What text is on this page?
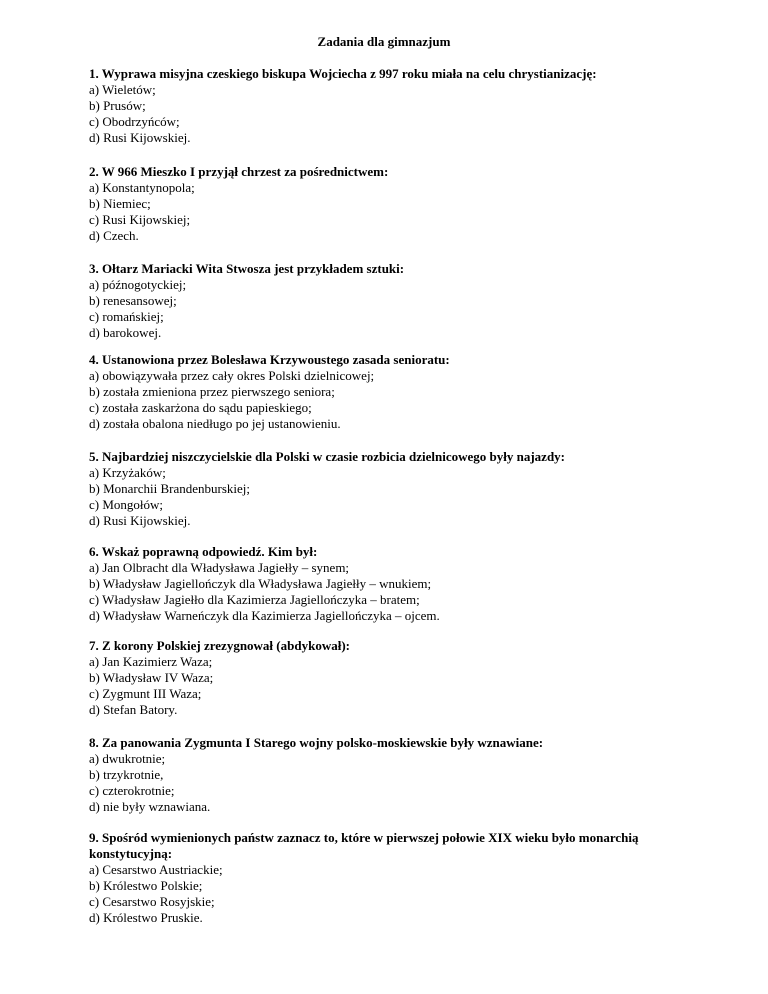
Zadania dla gimnazjum
1. Wyprawa misyjna czeskiego biskupa Wojciecha z 997 roku miała na celu chrystianizację:
a) Wieletów;
b) Prusów;
c) Obodrzyńców;
d) Rusi Kijowskiej.
2. W 966 Mieszko I przyjął chrzest za pośrednictwem:
a) Konstantynopola;
b) Niemiec;
c) Rusi Kijowskiej;
d) Czech.
3. Ołtarz Mariacki Wita Stwosza jest przykładem sztuki:
a) późnogotyckiej;
b) renesansowej;
c) romańskiej;
d) barokowej.
4. Ustanowiona przez Bolesława Krzywoustego zasada senioratu:
a) obowiązywała przez cały okres Polski dzielnicowej;
b) została zmieniona przez pierwszego seniora;
c) została zaskarżona do sądu papieskiego;
d) została obalona niedługo po jej ustanowieniu.
5. Najbardziej niszczycielskie dla Polski w czasie rozbicia dzielnicowego były najazdy:
a) Krzyżaków;
b) Monarchii Brandenburskiej;
c) Mongołów;
d) Rusi Kijowskiej.
6. Wskaż poprawną odpowiedź. Kim był:
a) Jan Olbracht dla Władysława Jagiełły – synem;
b) Władysław Jagiellończyk dla Władysława Jagiełły – wnukiem;
c) Władysław Jagiełło dla Kazimierza Jagiellończyka – bratem;
d) Władysław Warneńczyk dla Kazimierza Jagiellończyka – ojcem.
7. Z korony Polskiej zrezygnował (abdykował):
a) Jan Kazimierz Waza;
b) Władysław IV Waza;
c) Zygmunt III Waza;
d) Stefan Batory.
8. Za panowania Zygmunta I Starego wojny polsko-moskiewskie były wznawiane:
a) dwukrotnie;
b) trzykrotnie,
c) czterokrotnie;
d) nie były wznawiana.
9. Spośród wymienionych państw zaznacz to, które w pierwszej połowie XIX wieku było monarchią konstytucyjną:
a) Cesarstwo Austriackie;
b) Królestwo Polskie;
c) Cesarstwo Rosyjskie;
d) Królestwo Pruskie.
